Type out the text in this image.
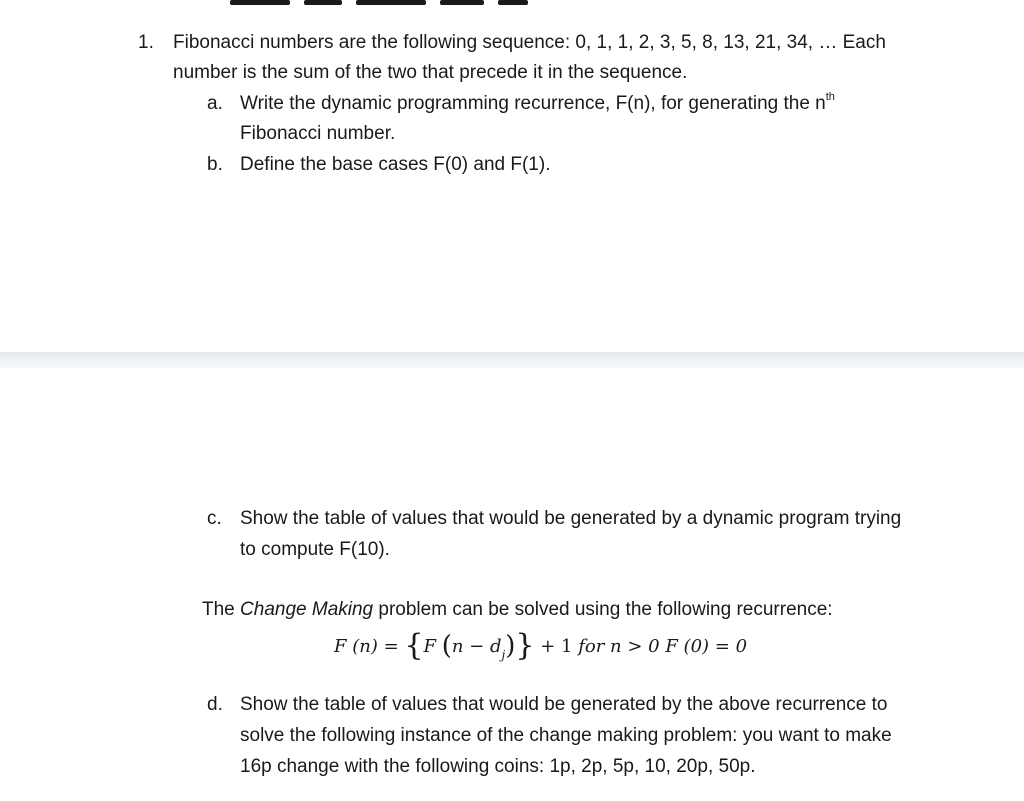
1. Fibonacci numbers are the following sequence: 0, 1, 1, 2, 3, 5, 8, 13, 21, 34, … Each
number is the sum of the two that precede it in the sequence.
a. Write the dynamic programming recurrence, F(n), for generating the $n^{th}$
Fibonacci number.
b. Define the base cases F(0) and F(1).
c. Show the table of values that would be generated by a dynamic program trying
to compute F(10).
The Change Making problem can be solved using the following recurrence:
F (n) = {F $(n - d_j)\} + 1$ for n > 0 F (0) = 0
d. Show the table of values that would be generated by the above recurrence to
solve the following instance of the change making problem: you want to make
16p change with the following coins: 1p, 2p, 5p, 10, 20p, 50p.
